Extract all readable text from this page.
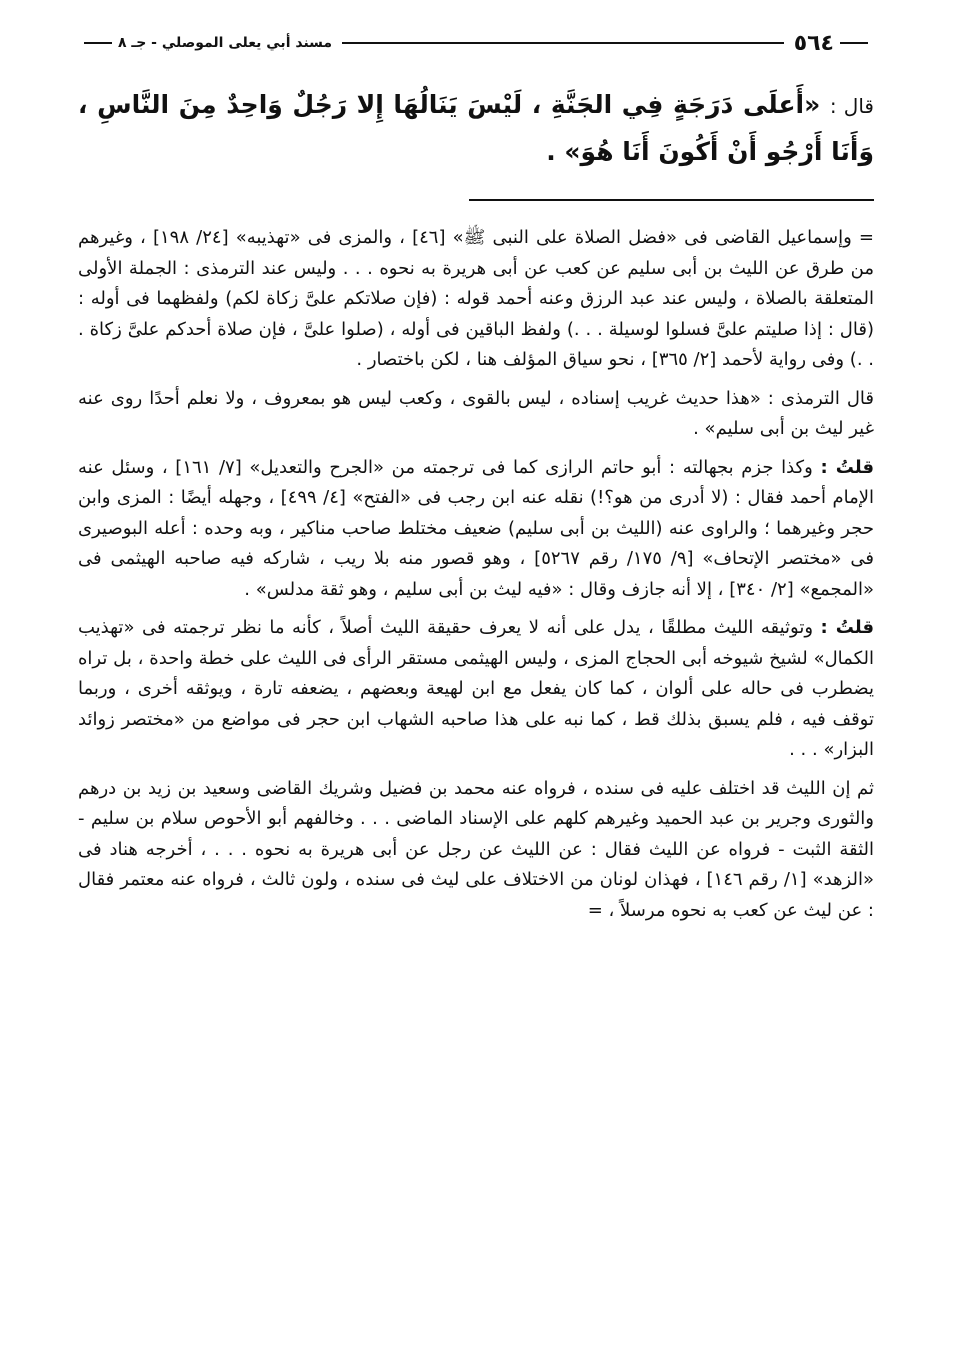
٥٦٤
مسند أبي يعلى الموصلي - جـ ٨
قال : «أَعلَى دَرَجَةٍ فِي الجَنَّةِ ، لَيْسَ يَنَالُهَا إِلا رَجُلٌ وَاحِدٌ مِنَ النَّاسِ ، وَأَنَا أَرْجُو أَنْ أَكُونَ أَنَا هُوَ» .

= وإسماعيل القاضى فى «فضل الصلاة على النبى ﷺ» [٤٦] ، والمزى فى «تهذيبه» [٢٤/ ١٩٨] ، وغيرهم من طرق عن الليث بن أبى سليم عن كعب عن أبى هريرة به نحوه . . . وليس عند الترمذى : الجملة الأولى المتعلقة بالصلاة ، وليس عند عبد الرزق وعنه أحمد قوله : (فإن صلاتكم علىَّ زكاة لكم) ولفظهما فى أوله : (قال : إذا صليتم علىَّ فسلوا لوسيلة . . .) ولفظ الباقين فى أوله ، (صلوا علىَّ ، فإن صلاة أحدكم علىَّ زكاة . . .) وفى رواية لأحمد [٢/ ٣٦٥] ، نحو سياق المؤلف هنا ، لكن باختصار .

قال الترمذى : «هذا حديث غريب إسناده ، ليس بالقوى ، وكعب ليس هو بمعروف ، ولا نعلم أحدًا روى عنه غير ليث بن أبى سليم» .

قلتُ : وكذا جزم بجهالته : أبو حاتم الرازى كما فى ترجمته من «الجرح والتعديل» [٧/ ١٦١] ، وسئل عنه الإمام أحمد فقال : (لا أدرى من هو؟!) نقله عنه ابن رجب فى «الفتح» [٤/ ٤٩٩] ، وجهله أيضًا : المزى وابن حجر وغيرهما ؛ والراوى عنه (الليث بن أبى سليم) ضعيف مختلط صاحب مناكير ، وبه وحده : أعله البوصيرى فى «مختصر الإتحاف» [٩/ ١٧٥/ رقم ٥٢٦٧] ، وهو قصور منه بلا ريب ، شاركه فيه صاحبه الهيثمى فى «المجمع» [٢/ ٣٤٠] ، إلا أنه جازف وقال : «فيه ليث بن أبى سليم ، وهو ثقة مدلس» .

قلتُ : وتوثيقه الليث مطلقًا ، يدل على أنه لا يعرف حقيقة الليث أصلاً ، كأنه ما نظر ترجمته فى «تهذيب الكمال» لشيخ شيوخه أبى الحجاج المزى ، وليس الهيثمى مستقر الرأى فى الليث على خطة واحدة ، بل تراه يضطرب فى حاله على ألوان ، كما كان يفعل مع ابن لهيعة وبعضهم ، يضعفه تارة ، ويوثقه أخرى ، وربما توقف فيه ، فلم يسبق بذلك قط ، كما نبه على هذا صاحبه الشهاب ابن حجر فى مواضع من «مختصر زوائد البزار» . . .

ثم إن الليث قد اختلف عليه فى سنده ، فرواه عنه محمد بن فضيل وشريك القاضى وسعيد بن زيد بن درهم والثورى وجرير بن عبد الحميد وغيرهم كلهم على الإسناد الماضى . . . وخالفهم أبو الأحوص سلام بن سليم - الثقة الثبت - فرواه عن الليث فقال : عن الليث عن رجل عن أبى هريرة به نحوه . . . ، أخرجه هناد فى «الزهد» [١/ رقم ١٤٦] ، فهذان لونان من الاختلاف على ليث فى سنده ، ولون ثالث ، فرواه عنه معتمر فقال : عن ليث عن كعب به نحوه مرسلاً ، =
